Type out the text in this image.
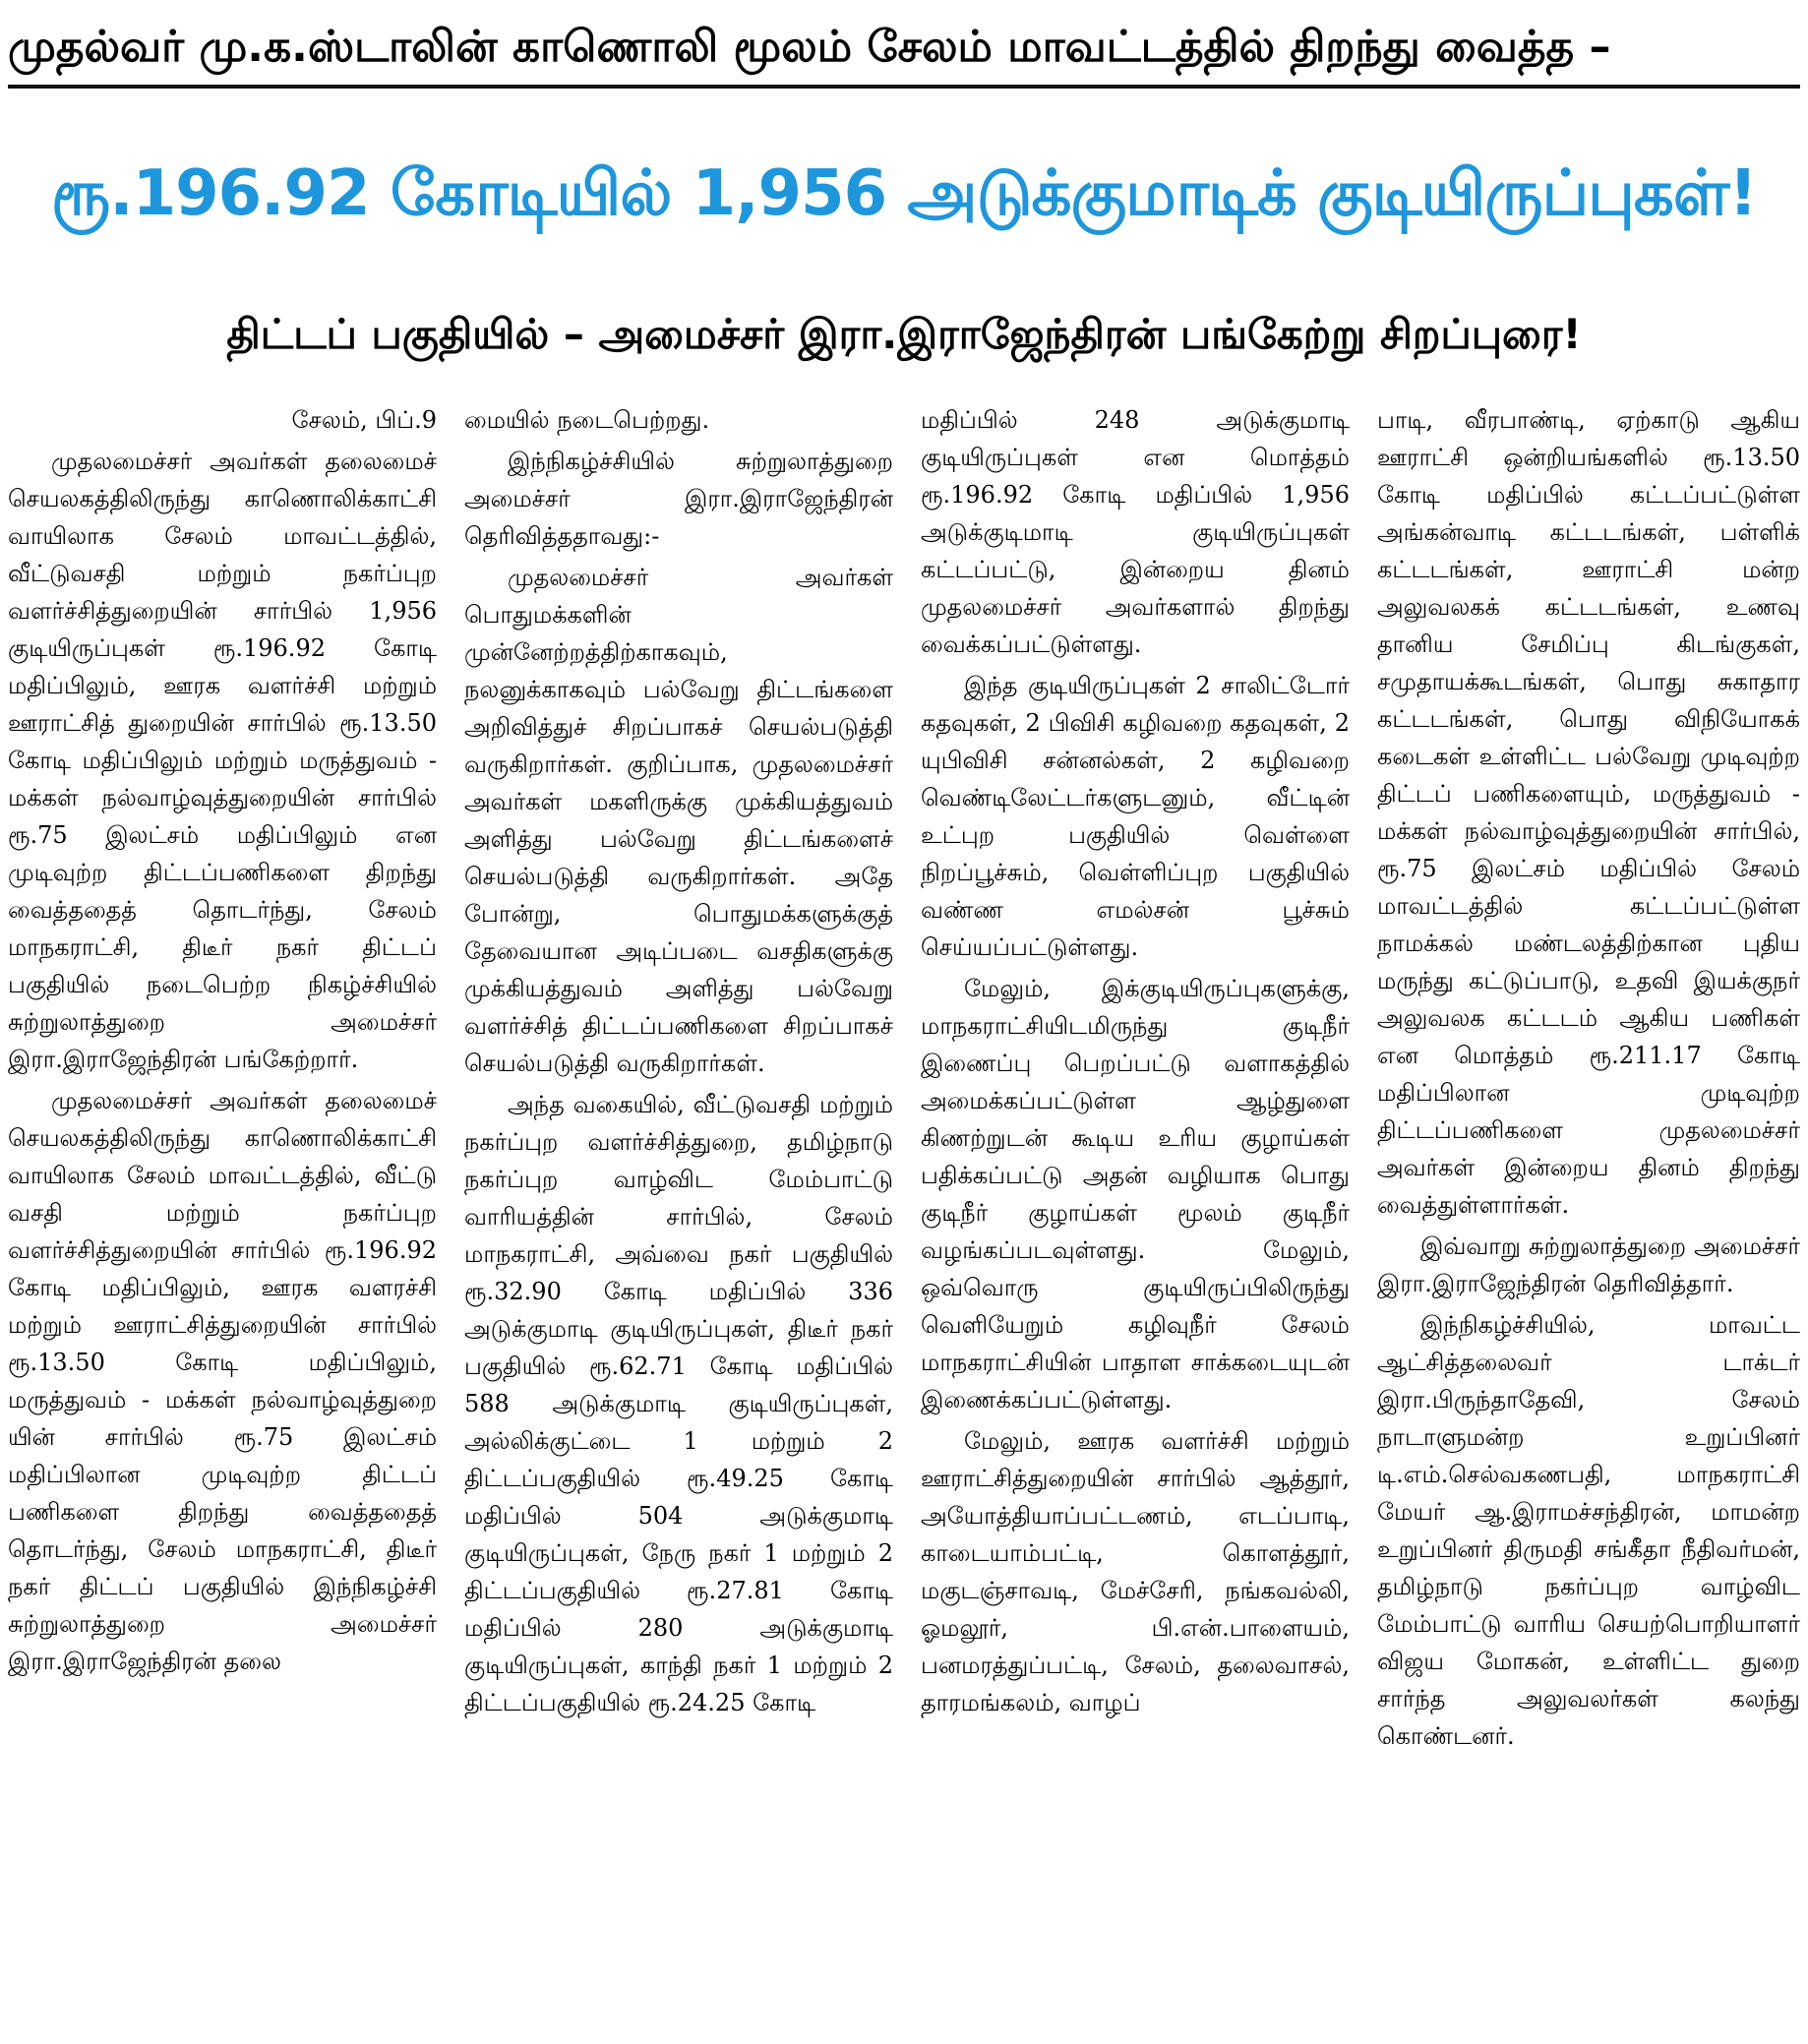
முதல்வர் மு.க.ஸ்டாலின் காணொலி மூலம் சேலம் மாவட்டத்தில் திறந்து வைத்த –
ரூ.196.92 கோடியில் 1,956 அடுக்குமாடிக் குடியிருப்புகள்!
திட்டப் பகுதியில் – அமைச்சர் இரா.இராஜேந்திரன் பங்கேற்று சிறப்புரை!

சேலம், பிப்.9

முதலமைச்சர் அவர்கள் தலைமைச் செயலகத்திலிருந்து காணொலிக்காட்சி வாயிலாக சேலம் மாவட்டத்தில், வீட்டுவசதி மற்றும் நகர்ப்புற வளர்ச்சித்துறையின் சார்பில் 1,956 குடியிருப்புகள் ரூ.196.92 கோடி மதிப்பிலும், ஊரக வளர்ச்சி மற்றும் ஊராட்சித் துறையின் சார்பில் ரூ.13.50 கோடி மதிப்பிலும் மற்றும் மருத்துவம் - மக்கள் நல்வாழ்வுத்துறையின் சார்பில் ரூ.75 இலட்சம் மதிப்பிலும் என முடிவுற்ற திட்டப்பணிகளை திறந்து வைத்ததைத் தொடர்ந்து, சேலம் மாநகராட்சி, திடீர் நகர் திட்டப் பகுதியில் நடைபெற்ற நிகழ்ச்சியில் சுற்றுலாத்துறை அமைச்சர் இரா.இராஜேந்திரன் பங்கேற்றார்.

முதலமைச்சர் அவர்கள் தலைமைச் செயலகத்திலிருந்து காணொலிக்காட்சி வாயிலாக சேலம் மாவட்டத்தில், வீட்டு வசதி மற்றும் நகர்ப்புற வளர்ச்சித்துறையின் சார்பில் ரூ.196.92 கோடி மதிப்பிலும், ஊரக வளரச்சி மற்றும் ஊராட்சித்துறையின் சார்பில் ரூ.13.50 கோடி மதிப்பிலும், மருத்துவம் - மக்கள் நல்வாழ்வுத்துறை யின் சார்பில் ரூ.75 இலட்சம் மதிப்பிலான முடிவுற்ற திட்டப் பணிகளை திறந்து வைத்ததைத் தொடர்ந்து, சேலம் மாநகராட்சி, திடீர் நகர் திட்டப் பகுதியில் இந்நிகழ்ச்சி சுற்றுலாத்துறை அமைச்சர் இரா.இராஜேந்திரன் தலை

மையில் நடைபெற்றது.

இந்நிகழ்ச்சியில் சுற்றுலாத்துறை அமைச்சர் இரா.இராஜேந்திரன் தெரிவித்ததாவது:-

முதலமைச்சர் அவர்கள் பொதுமக்களின் முன்னேற்றத்திற்காகவும், நலனுக்காகவும் பல்வேறு திட்டங்களை அறிவித்துச் சிறப்பாகச் செயல்படுத்தி வருகிறார்கள். குறிப்பாக, முதலமைச்சர் அவர்கள் மகளிருக்கு முக்கியத்துவம் அளித்து பல்வேறு திட்டங்களைச் செயல்படுத்தி வருகிறார்கள். அதே போன்று, பொதுமக்களுக்குத் தேவையான அடிப்படை வசதிகளுக்கு முக்கியத்துவம் அளித்து பல்வேறு வளர்ச்சித் திட்டப்பணிகளை சிறப்பாகச் செயல்படுத்தி வருகிறார்கள்.

அந்த வகையில், வீட்டுவசதி மற்றும் நகர்ப்புற வளர்ச்சித்துறை, தமிழ்நாடு நகர்ப்புற வாழ்விட மேம்பாட்டு வாரியத்தின் சார்பில், சேலம் மாநகராட்சி, அவ்வை நகர் பகுதியில் ரூ.32.90 கோடி மதிப்பில் 336 அடுக்குமாடி குடியிருப்புகள், திடீர் நகர் பகுதியில் ரூ.62.71 கோடி மதிப்பில் 588 அடுக்குமாடி குடியிருப்புகள், அல்லிக்குட்டை 1 மற்றும் 2 திட்டப்பகுதியில் ரூ.49.25 கோடி மதிப்பில் 504 அடுக்குமாடி குடியிருப்புகள், நேரு நகர் 1 மற்றும் 2 திட்டப்பகுதியில் ரூ.27.81 கோடி மதிப்பில் 280 அடுக்குமாடி குடியிருப்புகள், காந்தி நகர் 1 மற்றும் 2 திட்டப்பகுதியில் ரூ.24.25 கோடி

மதிப்பில் 248 அடுக்குமாடி குடியிருப்புகள் என மொத்தம் ரூ.196.92 கோடி மதிப்பில் 1,956 அடுக்குடிமாடி குடியிருப்புகள் கட்டப்பட்டு, இன்றைய தினம் முதலமைச்சர் அவர்களால் திறந்து வைக்கப்பட்டுள்ளது.

இந்த குடியிருப்புகள் 2 சாலிட்டோர் கதவுகள், 2 பிவிசி கழிவறை கதவுகள், 2 யுபிவிசி சன்னல்கள், 2 கழிவறை வெண்டிலேட்டர்களுடனும், வீட்டின் உட்புற பகுதியில் வெள்ளை நிறப்பூச்சும், வெள்ளிப்புற பகுதியில் வண்ண எமல்சன் பூச்சும் செய்யப்பட்டுள்ளது.

மேலும், இக்குடியிருப்புகளுக்கு, மாநகராட்சியிடமிருந்து குடிநீர் இணைப்பு பெறப்பட்டு வளாகத்தில் அமைக்கப்பட்டுள்ள ஆழ்துளை கிணற்றுடன் கூடிய உரிய குழாய்கள் பதிக்கப்பட்டு அதன் வழியாக பொது குடிநீர் குழாய்கள் மூலம் குடிநீர் வழங்கப்படவுள்ளது. மேலும், ஒவ்வொரு குடியிருப்பிலிருந்து வெளியேறும் கழிவுநீர் சேலம் மாநகராட்சியின் பாதாள சாக்கடையுடன் இணைக்கப்பட்டுள்ளது.

மேலும், ஊரக வளர்ச்சி மற்றும் ஊராட்சித்துறையின் சார்பில் ஆத்தூர், அயோத்தியாப்பட்டணம், எடப்பாடி, காடையாம்பட்டி, கொளத்தூர், மகுடஞ்சாவடி, மேச்சேரி, நங்கவல்லி, ஓமலூர், பி.என்.பாளையம், பனமரத்துப்பட்டி, சேலம், தலைவாசல், தாரமங்கலம், வாழப்

பாடி, வீரபாண்டி, ஏற்காடு ஆகிய ஊராட்சி ஒன்றியங்களில் ரூ.13.50 கோடி மதிப்பில் கட்டப்பட்டுள்ள அங்கன்வாடி கட்டடங்கள், பள்ளிக் கட்டடங்கள், ஊராட்சி மன்ற அலுவலகக் கட்டடங்கள், உணவு தானிய சேமிப்பு கிடங்குகள், சமுதாயக்கூடங்கள், பொது சுகாதார கட்டடங்கள், பொது விநியோகக் கடைகள் உள்ளிட்ட பல்வேறு முடிவுற்ற திட்டப் பணிகளையும், மருத்துவம் - மக்கள் நல்வாழ்வுத்துறையின் சார்பில், ரூ.75 இலட்சம் மதிப்பில் சேலம் மாவட்டத்தில் கட்டப்பட்டுள்ள நாமக்கல் மண்டலத்திற்கான புதிய மருந்து கட்டுப்பாடு, உதவி இயக்குநர் அலுவலக கட்டடம் ஆகிய பணிகள் என மொத்தம் ரூ.211.17 கோடி மதிப்பிலான முடிவுற்ற திட்டப்பணிகளை முதலமைச்சர் அவர்கள் இன்றைய தினம் திறந்து வைத்துள்ளார்கள்.

இவ்வாறு சுற்றுலாத்துறை அமைச்சர் இரா.இராஜேந்திரன் தெரிவித்தார்.

இந்நிகழ்ச்சியில், மாவட்ட ஆட்சித்தலைவர் டாக்டர் இரா.பிருந்தாதேவி, சேலம் நாடாளுமன்ற உறுப்பினர் டி.எம்.செல்வகணபதி, மாநகராட்சி மேயர் ஆ.இராமச்சந்திரன், மாமன்ற உறுப்பினர் திருமதி சங்கீதா நீதிவர்மன், தமிழ்நாடு நகர்ப்புற வாழ்விட மேம்பாட்டு வாரிய செயற்பொறியாளர் விஜய மோகன், உள்ளிட்ட துறை சார்ந்த அலுவலர்கள் கலந்து கொண்டனர்.
